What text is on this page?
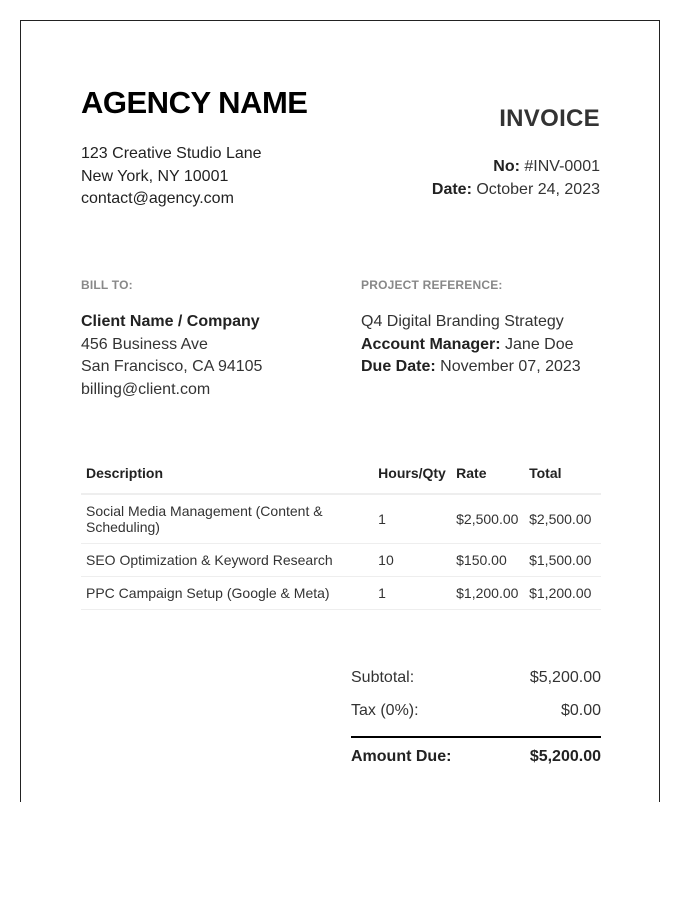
AGENCY NAME
123 Creative Studio Lane
New York, NY 10001
contact@agency.com
INVOICE
No: #INV-0001
Date: October 24, 2023
BILL TO:	PROJECT REFERENCE:
Client Name / Company
456 Business Ave
San Francisco, CA 94105
billing@client.com
Q4 Digital Branding Strategy
Account Manager: Jane Doe
Due Date: November 07, 2023
Description	Hours/Qty	Rate	Total
Social Media Management (Content & Scheduling)	1	$2,500.00	$2,500.00
SEO Optimization & Keyword Research	10	$150.00	$1,500.00
PPC Campaign Setup (Google & Meta)	1	$1,200.00	$1,200.00
Subtotal:	$5,200.00
Tax (0%):	$0.00
Amount Due:	$5,200.00
